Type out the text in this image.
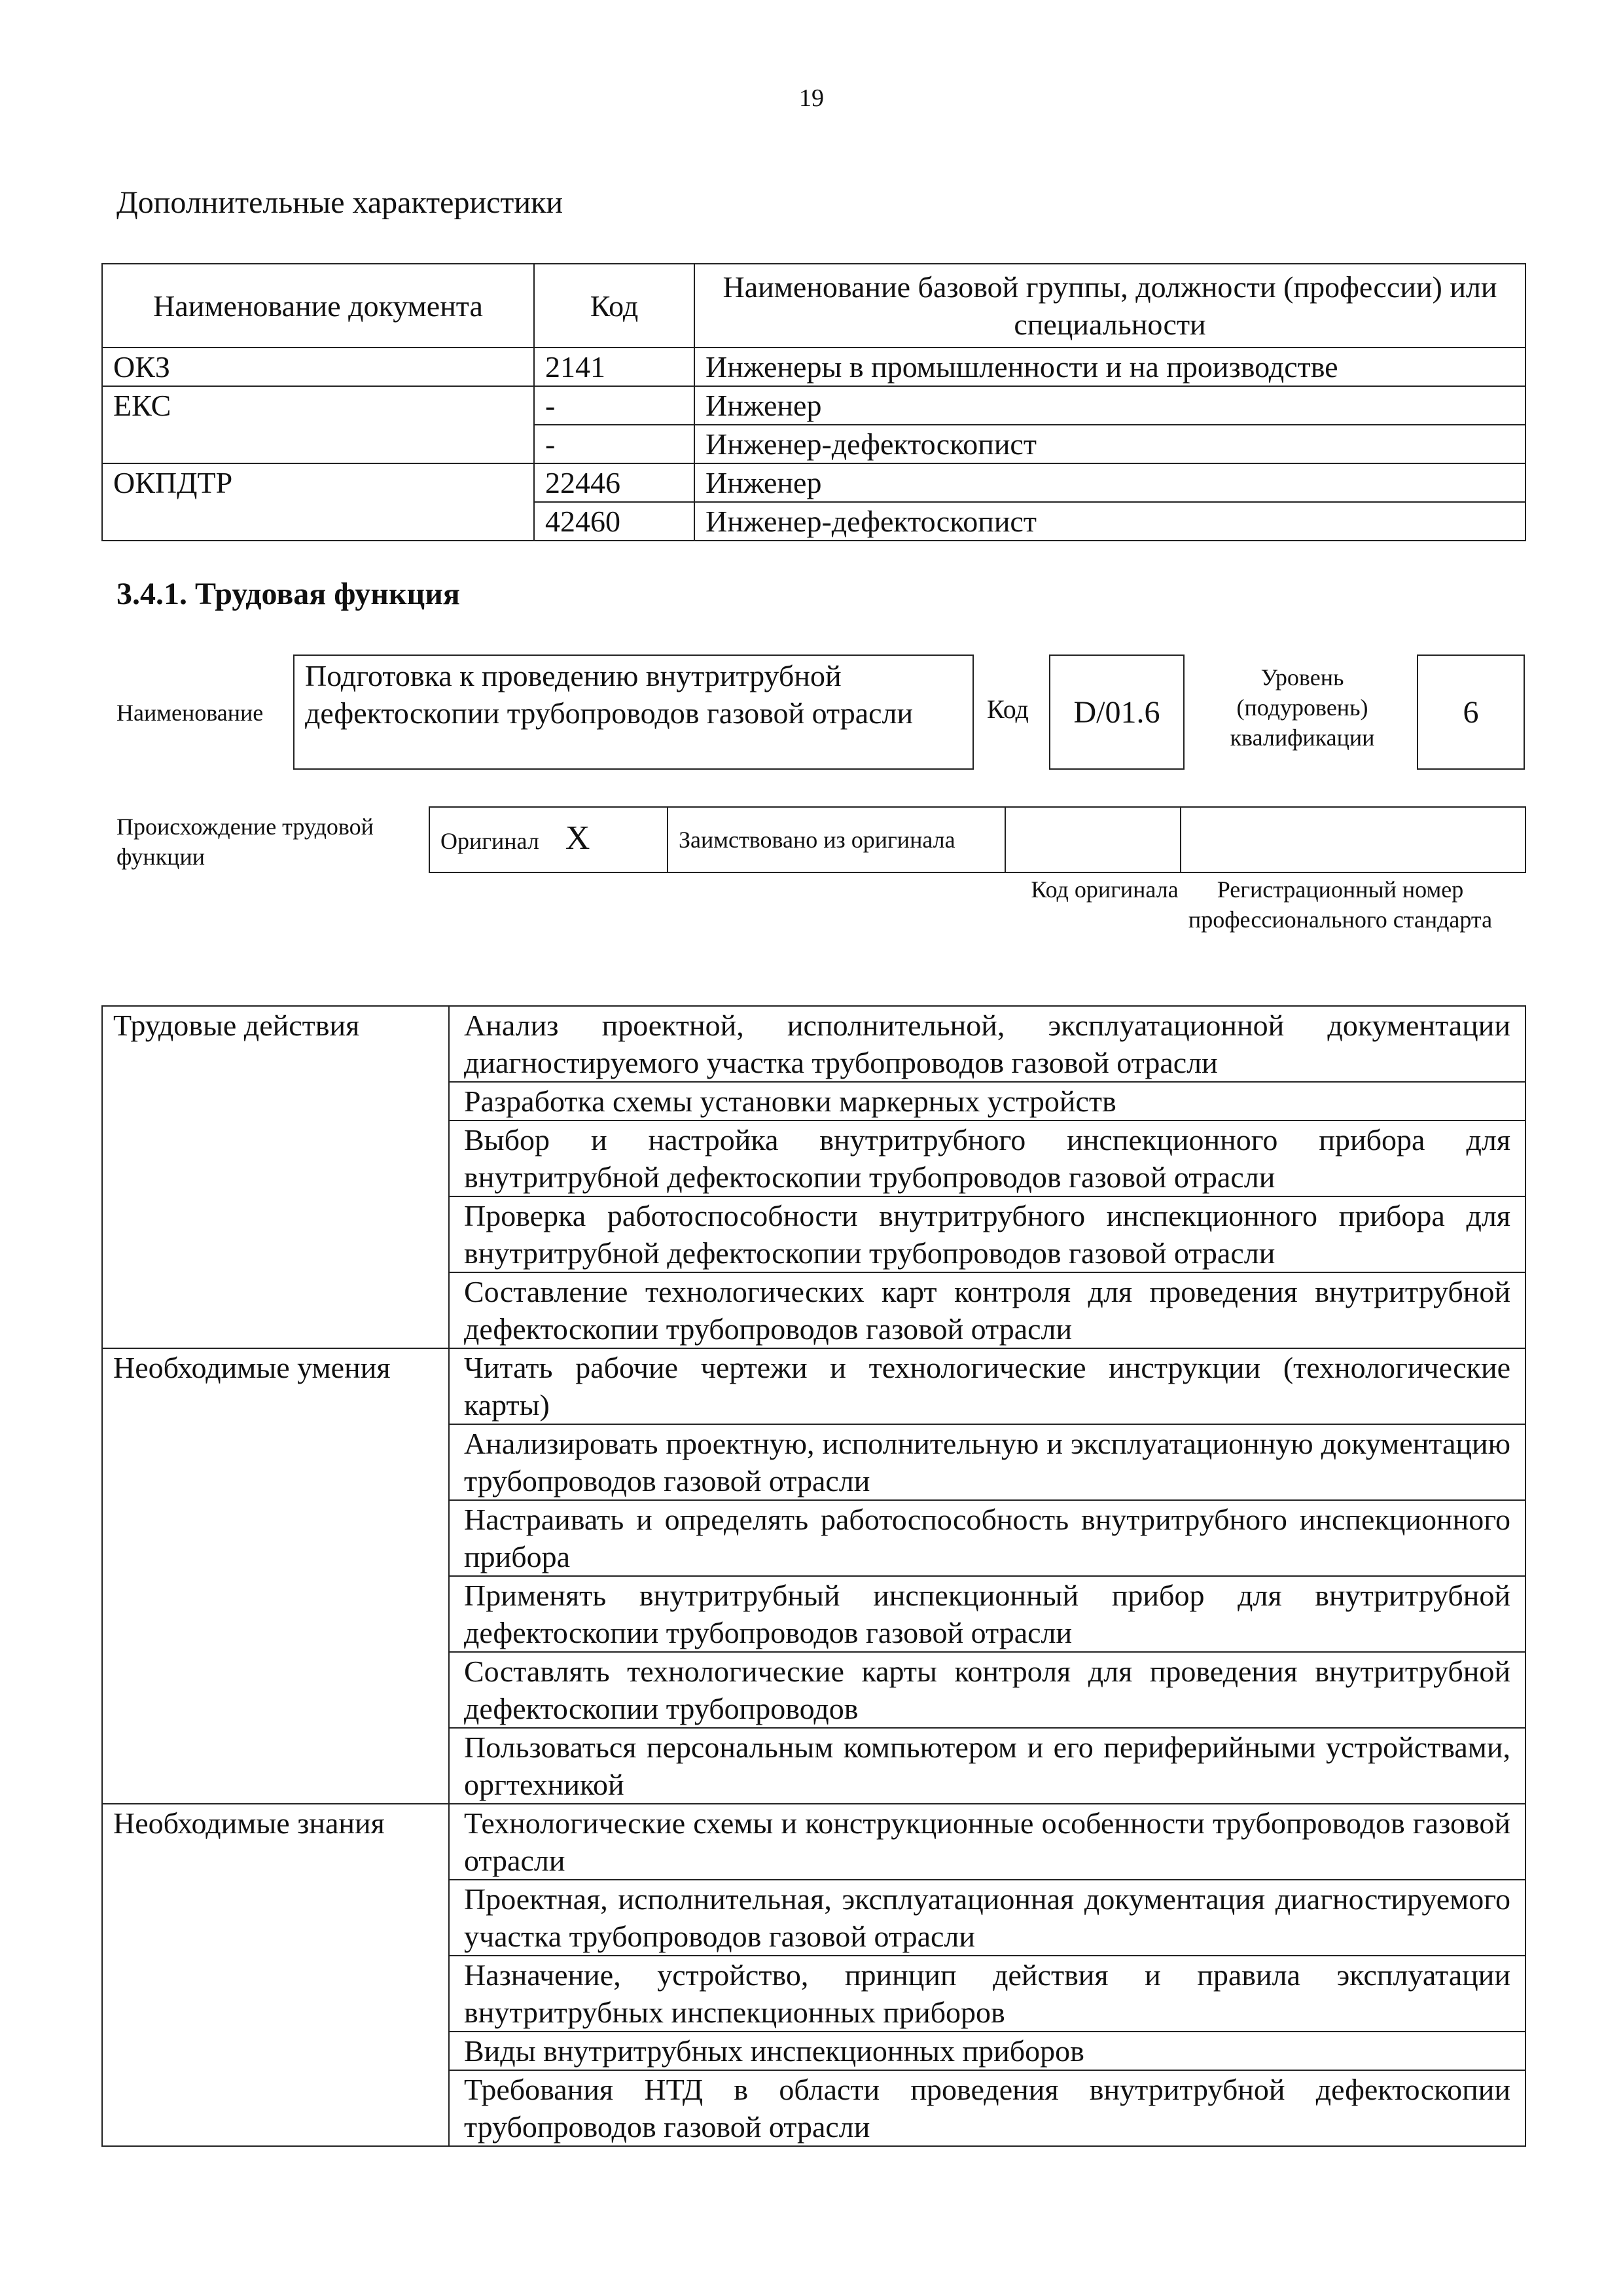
19
Дополнительные характеристики
Наименование документа	Код	Наименование базовой группы, должности (профессии) или специальности
ОКЗ	2141	Инженеры в промышленности и на производстве
ЕКС	-	Инженер
	-	Инженер-дефектоскопист
ОКПДТР	22446	Инженер
	42460	Инженер-дефектоскопист
3.4.1. Трудовая функция
Наименование
Подготовка к проведению внутритрубной дефектоскопии трубопроводов газовой отрасли	Код	D/01.6
Уровень (подуровень) квалификации
6
Происхождение трудовой функции
Оригинал X	Заимствовано из оригинала		
Код оригинала	Регистрационный номер профессионального стандарта
Трудовые действия	Анализ проектной, исполнительной, эксплуатационной документации диагностируемого участка трубопроводов газовой отрасли
	Разработка схемы установки маркерных устройств
	Выбор и настройка внутритрубного инспекционного прибора для внутритрубной дефектоскопии трубопроводов газовой отрасли
	Проверка работоспособности внутритрубного инспекционного прибора для внутритрубной дефектоскопии трубопроводов газовой отрасли
	Составление технологических карт контроля для проведения внутритрубной дефектоскопии трубопроводов газовой отрасли
Необходимые умения	Читать рабочие чертежи и технологические инструкции (технологические карты)
	Анализировать проектную, исполнительную и эксплуатационную документацию трубопроводов газовой отрасли
	Настраивать и определять работоспособность внутритрубного инспекционного прибора
	Применять внутритрубный инспекционный прибор для внутритрубной дефектоскопии трубопроводов газовой отрасли
	Составлять технологические карты контроля для проведения внутритрубной дефектоскопии трубопроводов
	Пользоваться персональным компьютером и его периферийными устройствами, оргтехникой
Необходимые знания	Технологические схемы и конструкционные особенности трубопроводов газовой отрасли
	Проектная, исполнительная, эксплуатационная документация диагностируемого участка трубопроводов газовой отрасли
	Назначение, устройство, принцип действия и правила эксплуатации внутритрубных инспекционных приборов
	Виды внутритрубных инспекционных приборов
	Требования НТД в области проведения внутритрубной дефектоскопии трубопроводов газовой отрасли
